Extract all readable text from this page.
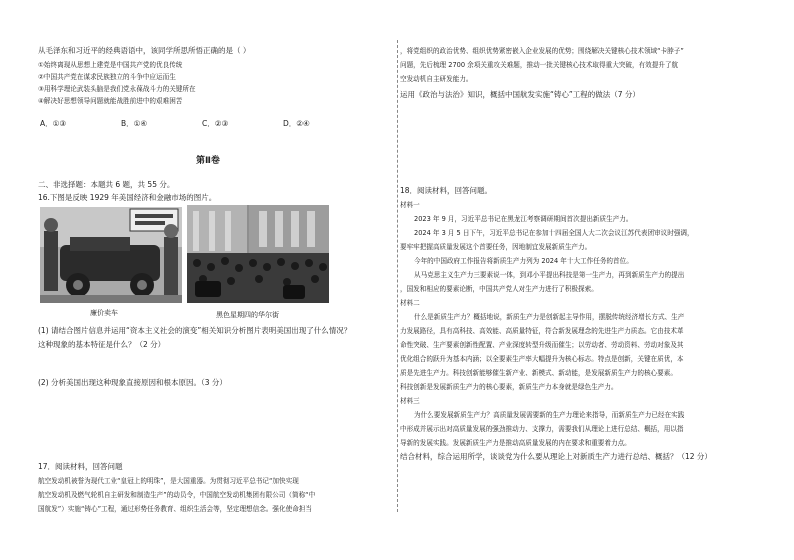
从毛泽东和习近平的经典语语中，该同学所思所悟正确的是（ ）
①始终离现从思想上建党是中国共产党的优良传统
②中国共产党在谋求民族独立的斗争中应运而生
③用科学理论武装头脑是我们党永葆战斗力的关键所在
④解决好思想领导问题就能战胜前进中的艰难困苦
A．①③	B．①④	C．②③	D．②④
第Ⅱ卷
二、非选择题：本题共 6 题，共 55 分。
16.下图是反映 1929 年美国经济和金融市场的图片。
廉价卖车	黑色星期四的华尔街
(1) 请结合图片信息并运用“资本主义社会的演变”相关知识分析图片表明美国出现了什么情况？
这种现象的基本特征是什么？（2 分）
(2) 分析美国出现这种现象直接原因和根本原因。（3 分）
17．阅读材料，回答问题
航空发动机被誉为现代工业“皇冠上的明珠”，是大国重器。为贯彻习近平总书记“加快实现
航空发动机及燃气轮机自主研发和制造生产”的动员令，中国航空发动机集团有限公司（简称“中
国航发”）实施“铸心”工程，通过形势任务教育、组织生活会等，坚定理想信念。强化使命担当
，将党组织的政治优势、组织优势紧密嵌入企业发展的优势；围绕解决关键核心技术领域“卡脖子”
问题，先后梳理 2700 余项关重攻关难题，推动一批关键核心技术取得重大突破，有效提升了航
空发动机自主研发能力。
运用《政治与法治》知识，概括中国航发实施“铸心”工程的做法（7 分）
18．阅读材料，回答问题。
材料一
2023 年 9 月，习近平总书记在黑龙江考察调研期间首次提出新质生产力。
2024 年 3 月 5 日下午，习近平总书记在参加十四届全国人大二次会议江苏代表团审议时强调，
要牢牢把握高质量发展这个首要任务，因地制宜发展新质生产力。
今年的中国政府工作报告将新质生产力列为 2024 年十大工作任务的首位。
从马克思主义生产力三要素说一体，到邓小平提出科技是第一生产力，再到新质生产力的提出
，国发和相应的要素论断，中国共产党人对生产力进行了积极探索。
材料二
什么是新质生产力？概括地说，新质生产力是创新起主导作用，摆脱传统经济增长方式、生产
力发展路径，具有高科技、高效能、高质量特征，符合新发展理念的先进生产力质态。它由技术革
命性突破、生产要素创新性配置、产业深度转型升级而催生；以劳动者、劳动资料、劳动对象及其
优化组合的跃升为基本内涵；以全要素生产率大幅提升为核心标志。特点是创新，关键在质优，本
质是先进生产力。科技创新能够催生新产业、新模式、新动能，是发展新质生产力的核心要素。
科技创新是发展新质生产力的核心要素，新质生产力本身就是绿色生产力。
材料三
为什么要发展新质生产力？高质量发展需要新的生产力理论来指导，而新质生产力已经在实践
中形成并展示出对高质量发展的强劲推动力、支撑力，需要我们从理论上进行总结、概括，用以指
导新的发展实践。发展新质生产力是推动高质量发展的内在要求和重要着力点。
结合材料，综合运用所学，谈谈党为什么要从理论上对新质生产力进行总结、概括？（12 分）
